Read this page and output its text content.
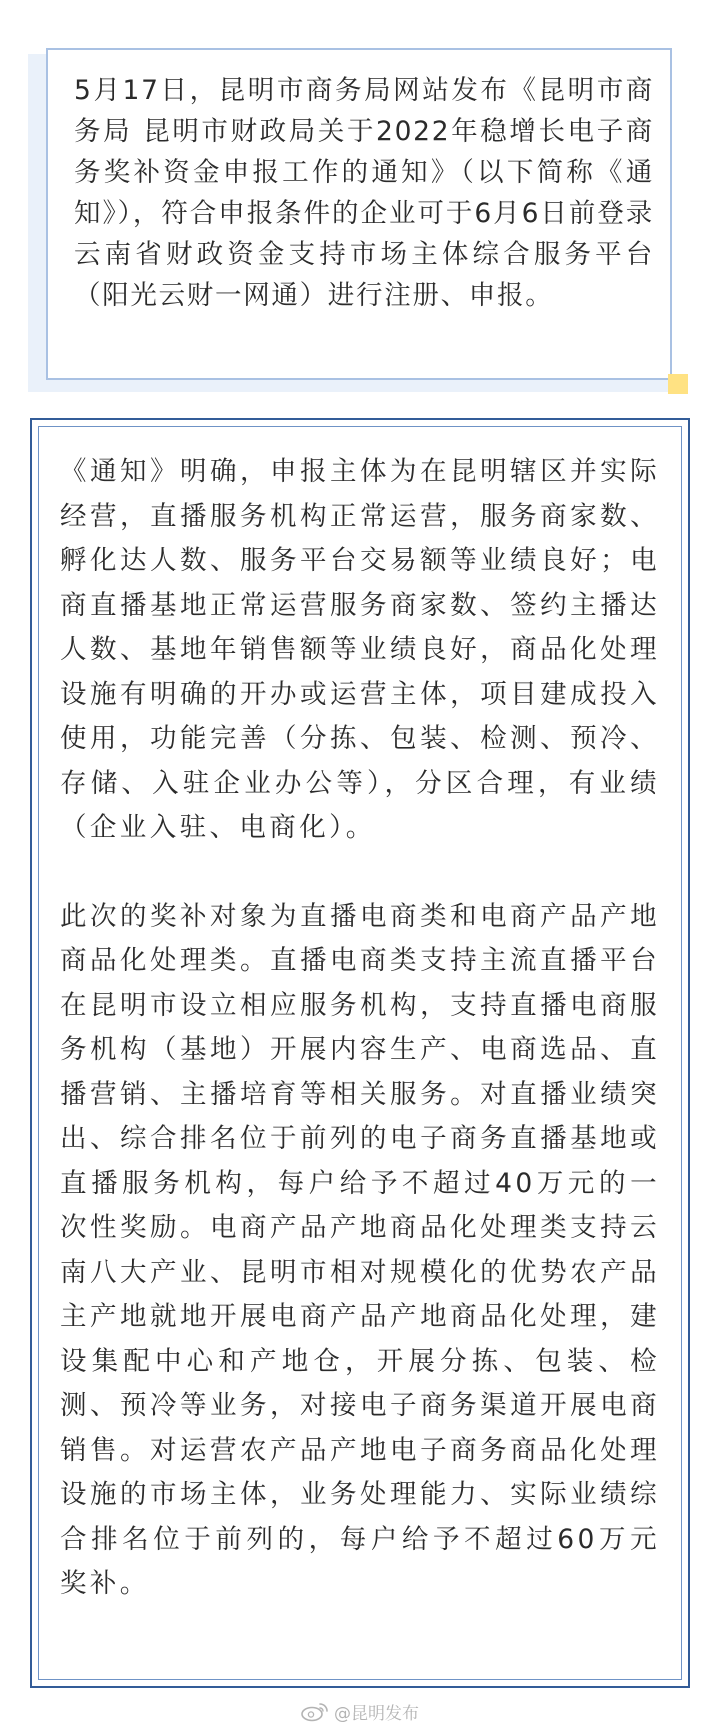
5月17日，昆明市商务局网站发布《昆明市商务局 昆明市财政局关于2022年稳增长电子商务奖补资金申报工作的通知》（以下简称《通知》），符合申报条件的企业可于6月6日前登录云南省财政资金支持市场主体综合服务平台（阳光云财一网通）进行注册、申报。

《通知》明确，申报主体为在昆明辖区并实际经营，直播服务机构正常运营，服务商家数、孵化达人数、服务平台交易额等业绩良好；电商直播基地正常运营服务商家数、签约主播达人数、基地年销售额等业绩良好，商品化处理设施有明确的开办或运营主体，项目建成投入使用，功能完善（分拣、包装、检测、预冷、存储、入驻企业办公等），分区合理，有业绩（企业入驻、电商化）。

此次的奖补对象为直播电商类和电商产品产地商品化处理类。直播电商类支持主流直播平台在昆明市设立相应服务机构，支持直播电商服务机构（基地）开展内容生产、电商选品、直播营销、主播培育等相关服务。对直播业绩突出、综合排名位于前列的电子商务直播基地或直播服务机构，每户给予不超过40万元的一次性奖励。电商产品产地商品化处理类支持云南八大产业、昆明市相对规模化的优势农产品主产地就地开展电商产品产地商品化处理，建设集配中心和产地仓，开展分拣、包装、检测、预冷等业务，对接电子商务渠道开展电商销售。对运营农产品产地电子商务商品化处理设施的市场主体，业务处理能力、实际业绩综合排名位于前列的，每户给予不超过60万元奖补。

@昆明发布
